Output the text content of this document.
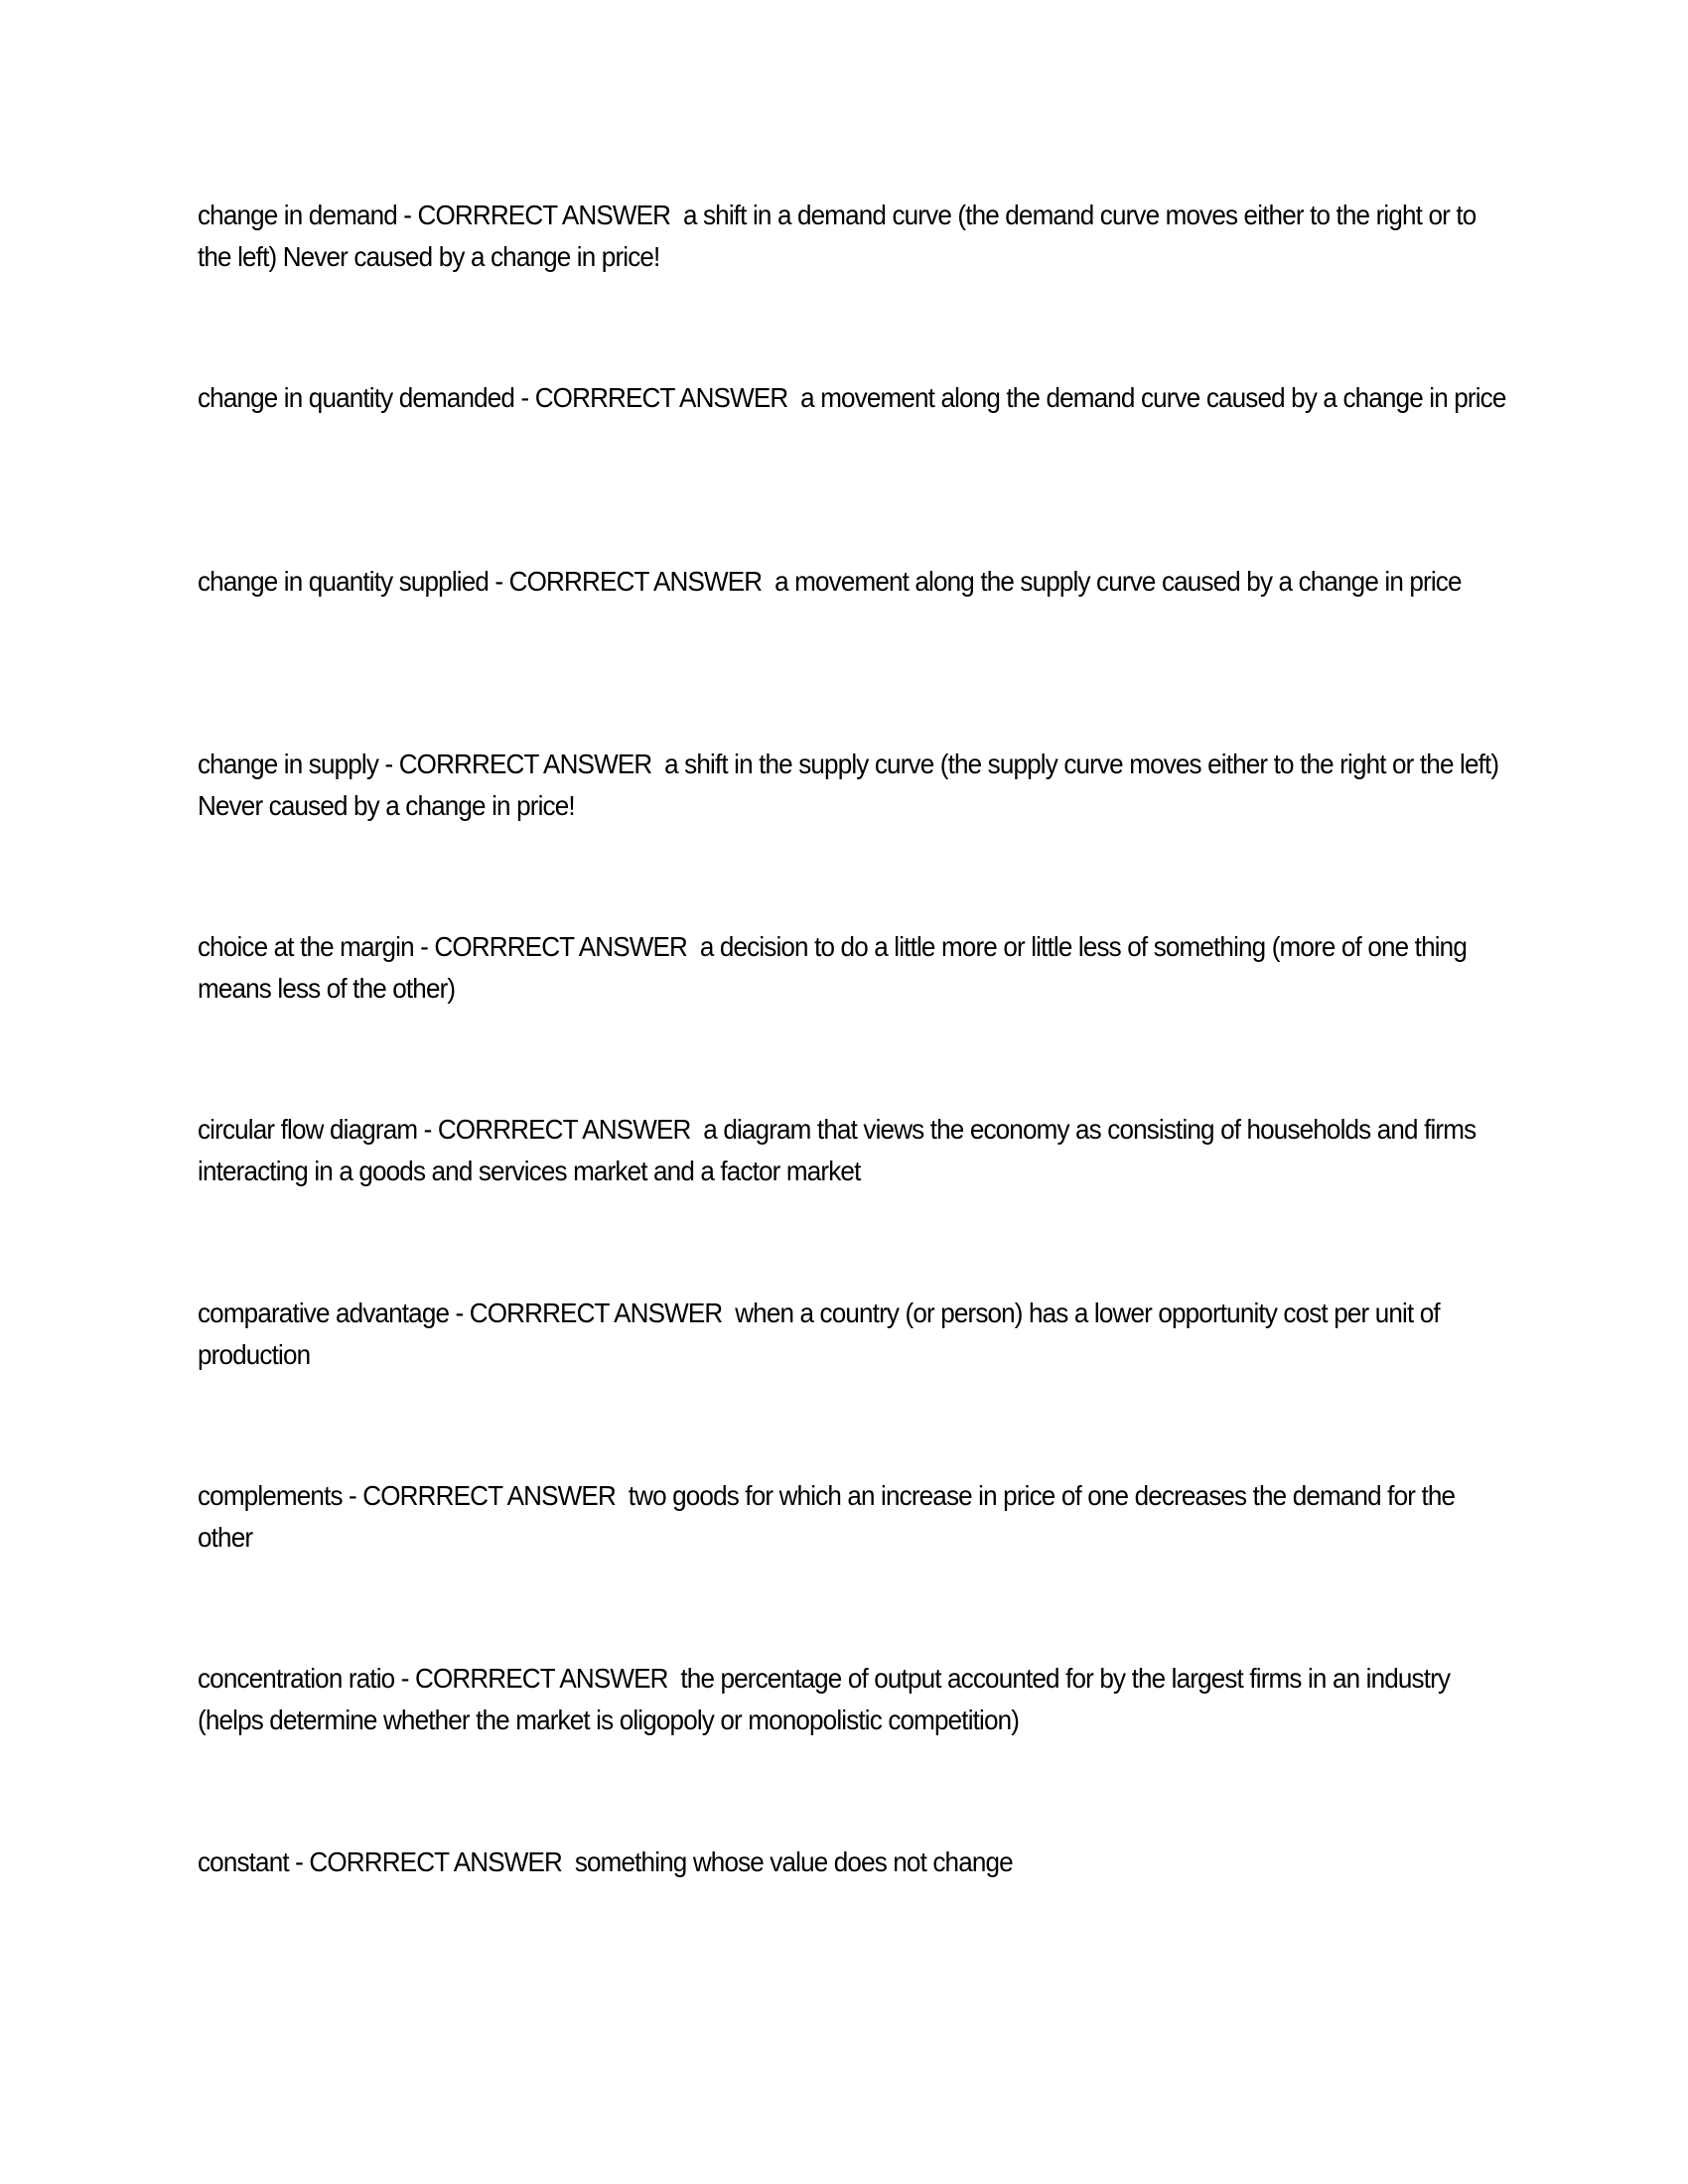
change in demand - CORRRECT ANSWER a shift in a demand curve (the demand curve moves either to the right or to the left) Never caused by a change in price!

change in quantity demanded - CORRRECT ANSWER a movement along the demand curve caused by a change in price

change in quantity supplied - CORRRECT ANSWER a movement along the supply curve caused by a change in price

change in supply - CORRRECT ANSWER a shift in the supply curve (the supply curve moves either to the right or the left) Never caused by a change in price!

choice at the margin - CORRRECT ANSWER a decision to do a little more or little less of something (more of one thing means less of the other)

circular flow diagram - CORRRECT ANSWER a diagram that views the economy as consisting of households and firms interacting in a goods and services market and a factor market

comparative advantage - CORRRECT ANSWER when a country (or person) has a lower opportunity cost per unit of production

complements - CORRRECT ANSWER two goods for which an increase in price of one decreases the demand for the other

concentration ratio - CORRRECT ANSWER the percentage of output accounted for by the largest firms in an industry (helps determine whether the market is oligopoly or monopolistic competition)

constant - CORRRECT ANSWER something whose value does not change
